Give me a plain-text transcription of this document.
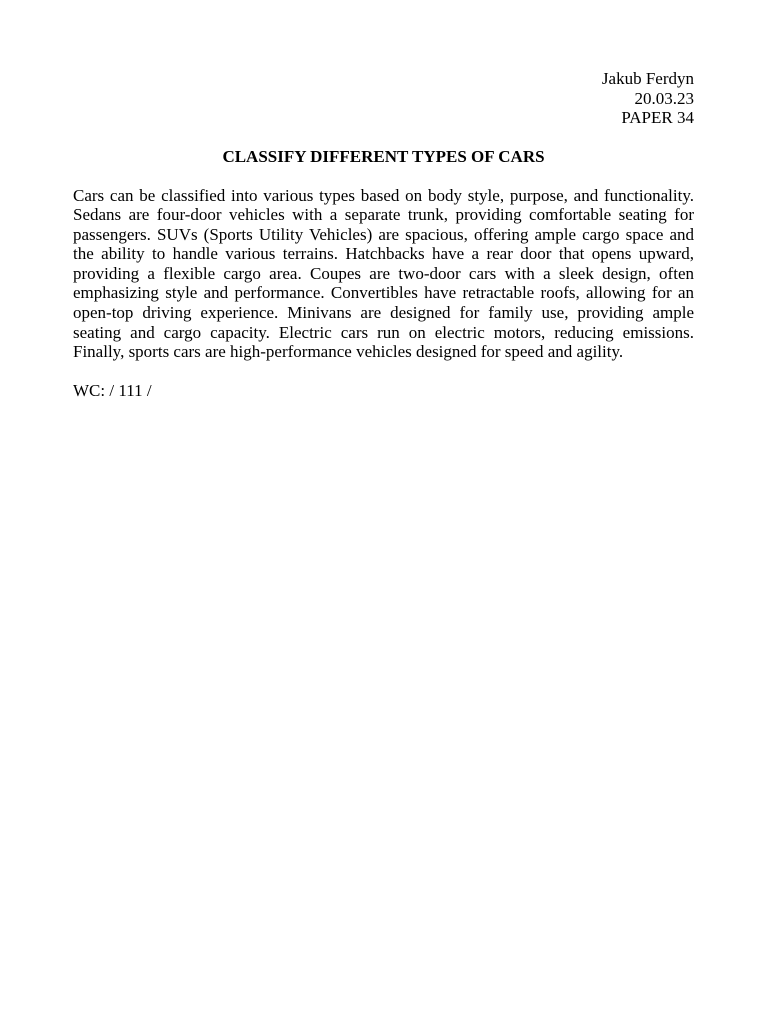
Jakub Ferdyn
20.03.23
PAPER 34
CLASSIFY DIFFERENT TYPES OF CARS
Cars can be classified into various types based on body style, purpose, and functionality. Sedans are four-door vehicles with a separate trunk, providing comfortable seating for passengers. SUVs (Sports Utility Vehicles) are spacious, offering ample cargo space and the ability to handle various terrains. Hatchbacks have a rear door that opens upward, providing a flexible cargo area. Coupes are two-door cars with a sleek design, often emphasizing style and performance. Convertibles have retractable roofs, allowing for an open-top driving experience. Minivans are designed for family use, providing ample seating and cargo capacity. Electric cars run on electric motors, reducing emissions. Finally, sports cars are high-performance vehicles designed for speed and agility.
WC: / 111 /
